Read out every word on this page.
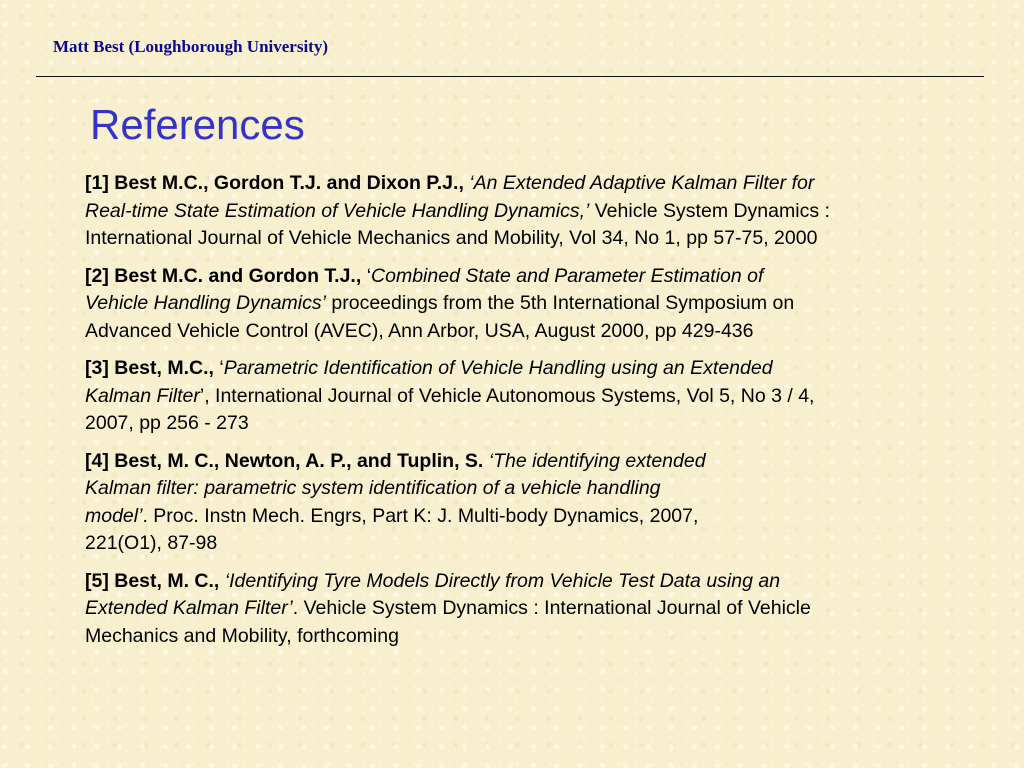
Matt Best (Loughborough University)
References
[1] Best M.C., Gordon T.J. and Dixon P.J., ‘An Extended Adaptive Kalman Filter for
Real-time State Estimation of Vehicle Handling Dynamics,’ Vehicle System Dynamics :
International Journal of Vehicle Mechanics and Mobility, Vol 34, No 1, pp 57-75, 2000
[2] Best M.C. and Gordon T.J., ‘Combined State and Parameter Estimation of
Vehicle Handling Dynamics’ proceedings from the 5th International Symposium on
Advanced Vehicle Control (AVEC), Ann Arbor, USA, August 2000, pp 429-436
[3] Best, M.C., ‘Parametric Identification of Vehicle Handling using an Extended
Kalman Filter’, International Journal of Vehicle Autonomous Systems, Vol 5, No 3 / 4,
2007, pp 256 - 273
[4] Best, M. C., Newton, A. P., and Tuplin, S. ‘The identifying extended
Kalman filter: parametric system identification of a vehicle handling
model’. Proc. Instn Mech. Engrs, Part K: J. Multi-body Dynamics, 2007,
221(O1), 87-98
[5] Best, M. C., ‘Identifying Tyre Models Directly from Vehicle Test Data using an
Extended Kalman Filter’. Vehicle System Dynamics : International Journal of Vehicle
Mechanics and Mobility, forthcoming
